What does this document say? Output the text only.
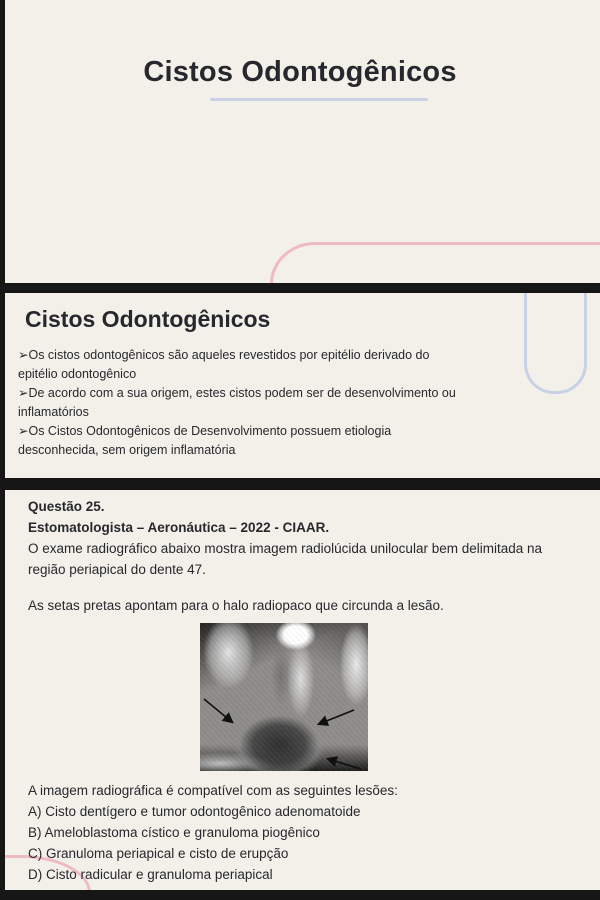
Cistos Odontogênicos
Cistos Odontogênicos

➢Os cistos odontogênicos são aqueles revestidos por epitélio derivado do epitélio odontogênico

➢De acordo com a sua origem, estes cistos podem ser de desenvolvimento ou inflamatórios

➢Os Cistos Odontogênicos de Desenvolvimento possuem etiologia desconhecida, sem origem inflamatória

Questão 25.

Estomatologista – Aeronáutica – 2022 - CIAAR.

O exame radiográfico abaixo mostra imagem radiolúcida unilocular bem delimitada na região periapical do dente 47.

As setas pretas apontam para o halo radiopaco que circunda a lesão.

A imagem radiográfica é compatível com as seguintes lesões:

A) Cisto dentígero e tumor odontogênico adenomatoide

B) Ameloblastoma cístico e granuloma piogênico

C) Granuloma periapical e cisto de erupção

D) Cisto radicular e granuloma periapical
